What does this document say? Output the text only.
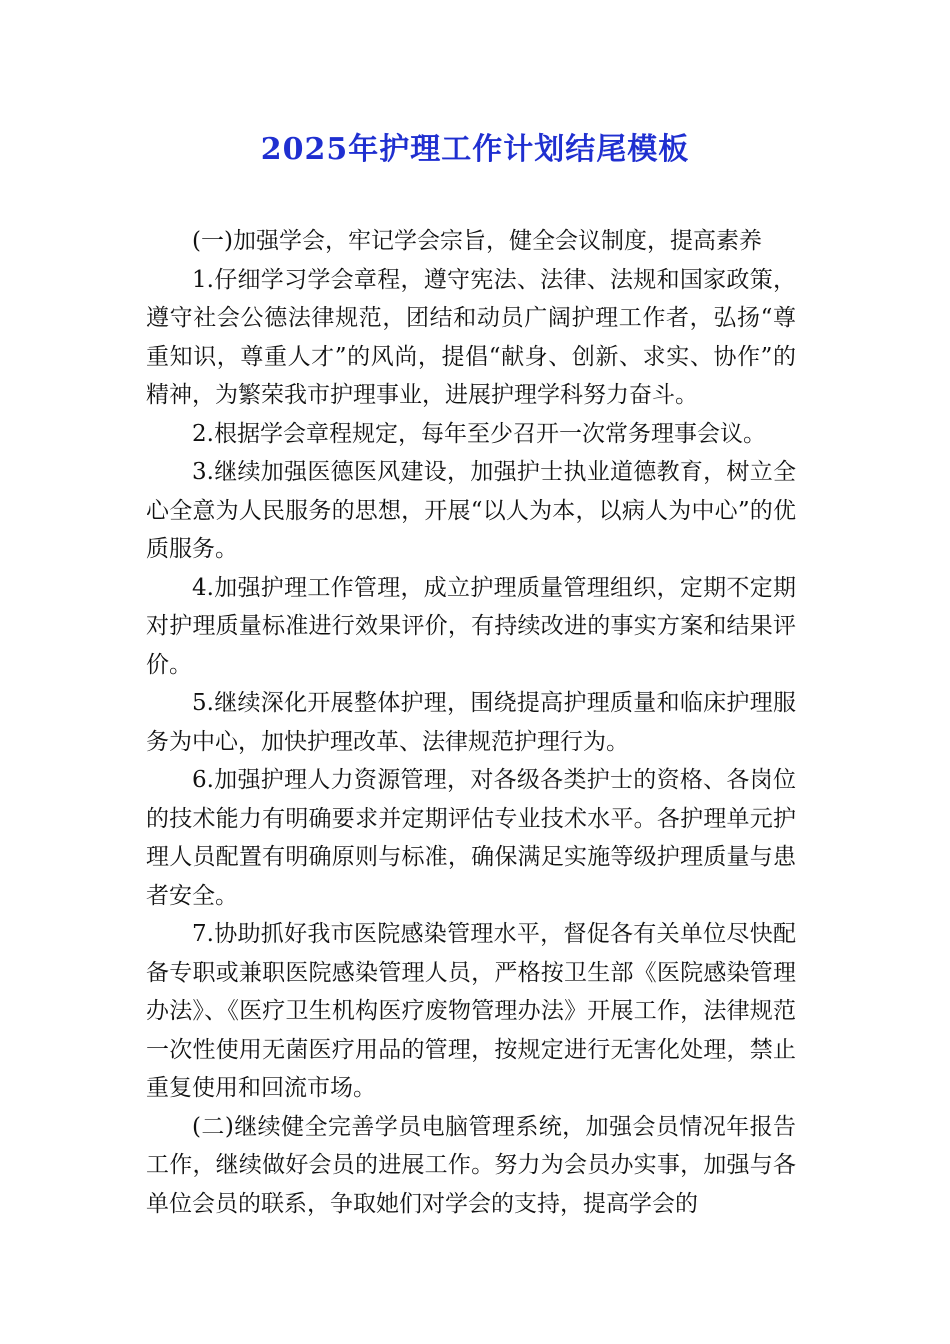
2025年护理工作计划结尾模板

(一)加强学会，牢记学会宗旨，健全会议制度，提高素养

1.仔细学习学会章程，遵守宪法、法律、法规和国家政策，遵守社会公德法律规范，团结和动员广阔护理工作者，弘扬“尊重知识，尊重人才”的风尚，提倡“献身、创新、求实、协作”的精神，为繁荣我市护理事业，进展护理学科努力奋斗。

2.根据学会章程规定，每年至少召开一次常务理事会议。

3.继续加强医德医风建设，加强护士执业道德教育，树立全心全意为人民服务的思想，开展“以人为本，以病人为中心”的优质服务。

4.加强护理工作管理，成立护理质量管理组织，定期不定期对护理质量标准进行效果评价，有持续改进的事实方案和结果评价。

5.继续深化开展整体护理，围绕提高护理质量和临床护理服务为中心，加快护理改革、法律规范护理行为。

6.加强护理人力资源管理，对各级各类护士的资格、各岗位的技术能力有明确要求并定期评估专业技术水平。各护理单元护理人员配置有明确原则与标准，确保满足实施等级护理质量与患者安全。

7.协助抓好我市医院感染管理水平，督促各有关单位尽快配备专职或兼职医院感染管理人员，严格按卫生部《医院感染管理办法》、《医疗卫生机构医疗废物管理办法》开展工作，法律规范一次性使用无菌医疗用品的管理，按规定进行无害化处理，禁止重复使用和回流市场。

(二)继续健全完善学员电脑管理系统，加强会员情况年报告工作，继续做好会员的进展工作。努力为会员办实事，加强与各单位会员的联系，争取她们对学会的支持，提高学会的
